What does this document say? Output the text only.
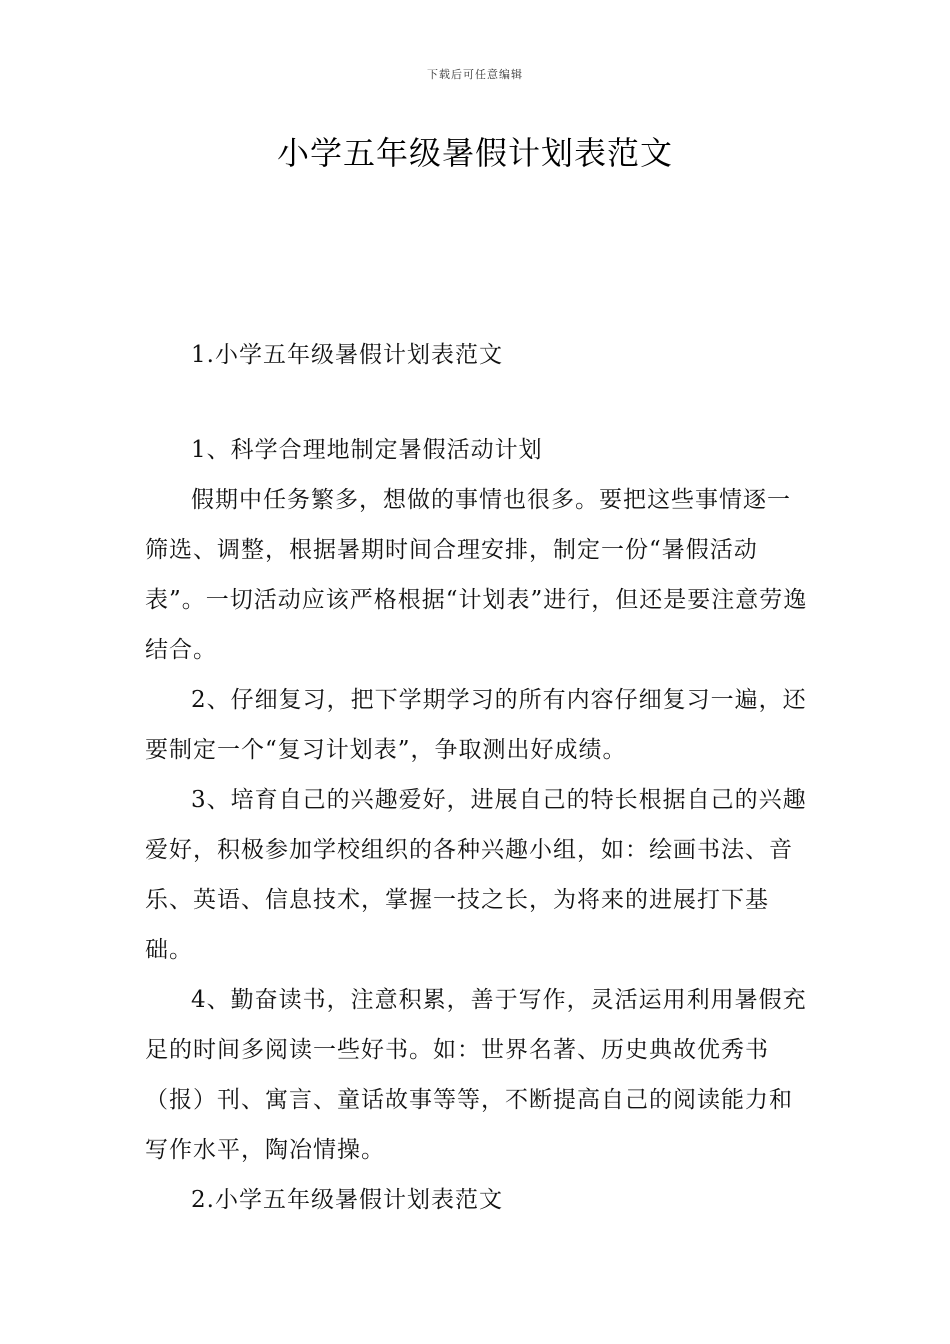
下载后可任意编辑
小学五年级暑假计划表范文

1.小学五年级暑假计划表范文

1、科学合理地制定暑假活动计划

假期中任务繁多，想做的事情也很多。要把这些事情逐一筛选、调整，根据暑期时间合理安排，制定一份“暑假活动表”。一切活动应该严格根据“计划表”进行，但还是要注意劳逸结合。

2、仔细复习，把下学期学习的所有内容仔细复习一遍，还要制定一个“复习计划表”，争取测出好成绩。

3、培育自己的兴趣爱好，进展自己的特长根据自己的兴趣爱好，积极参加学校组织的各种兴趣小组，如：绘画书法、音乐、英语、信息技术，掌握一技之长，为将来的进展打下基础。

4、勤奋读书，注意积累，善于写作，灵活运用利用暑假充足的时间多阅读一些好书。如：世界名著、历史典故优秀书（报）刊、寓言、童话故事等等，不断提高自己的阅读能力和写作水平，陶冶情操。

2.小学五年级暑假计划表范文
